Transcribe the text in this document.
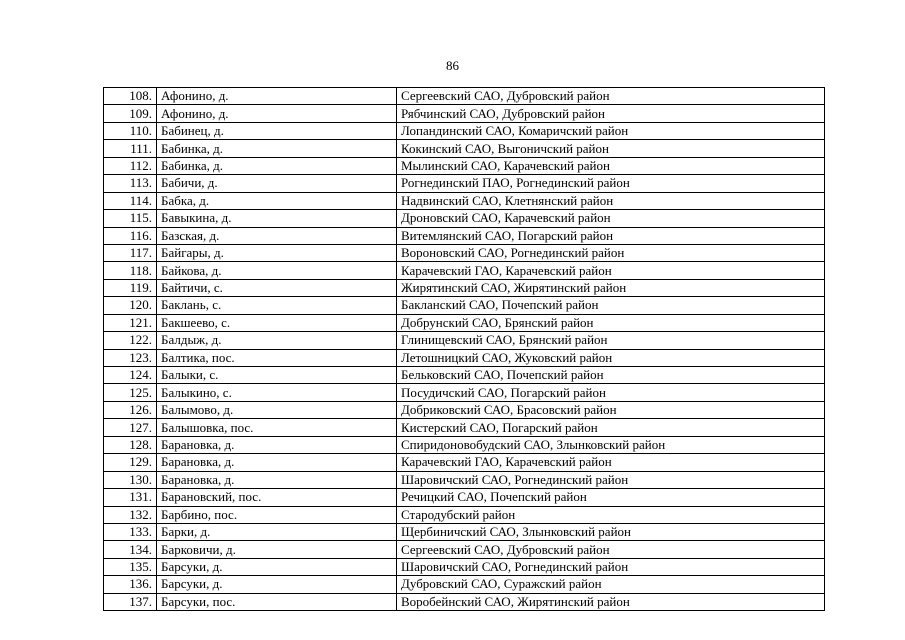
86
108.	Афонино, д.	Сергеевский САО, Дубровский район
109.	Афонино, д.	Рябчинский САО, Дубровский район
110.	Бабинец, д.	Лопандинский САО, Комаричский район
111.	Бабинка, д.	Кокинский САО, Выгоничский район
112.	Бабинка, д.	Мылинский САО, Карачевский район
113.	Бабичи, д.	Рогнединский ПАО, Рогнединский район
114.	Бабка, д.	Надвинский САО, Клетнянский район
115.	Бавыкина, д.	Дроновский САО, Карачевский район
116.	Базская, д.	Витемлянский САО, Погарский район
117.	Байгары, д.	Вороновский САО, Рогнединский район
118.	Байкова, д.	Карачевский ГАО, Карачевский район
119.	Байтичи, с.	Жирятинский САО, Жирятинский район
120.	Баклань, с.	Бакланский САО, Почепский район
121.	Бакшеево, с.	Добрунский САО, Брянский район
122.	Балдыж, д.	Глинищевский САО, Брянский район
123.	Балтика, пос.	Летошницкий САО, Жуковский район
124.	Балыки, с.	Бельковский САО, Почепский район
125.	Балыкино, с.	Посудичский САО, Погарский район
126.	Балымово, д.	Добриковский САО, Брасовский район
127.	Балышовка, пос.	Кистерский САО, Погарский район
128.	Барановка, д.	Спиридоновобудский САО, Злынковский район
129.	Барановка, д.	Карачевский ГАО, Карачевский район
130.	Барановка, д.	Шаровичский САО, Рогнединский район
131.	Барановский, пос.	Речицкий САО, Почепский район
132.	Барбино, пос.	Стародубский район
133.	Барки, д.	Щербиничский САО, Злынковский район
134.	Барковичи, д.	Сергеевский САО, Дубровский район
135.	Барсуки, д.	Шаровичский САО, Рогнединский район
136.	Барсуки, д.	Дубровский САО, Суражский район
137.	Барсуки, пос.	Воробейнский САО, Жирятинский район
